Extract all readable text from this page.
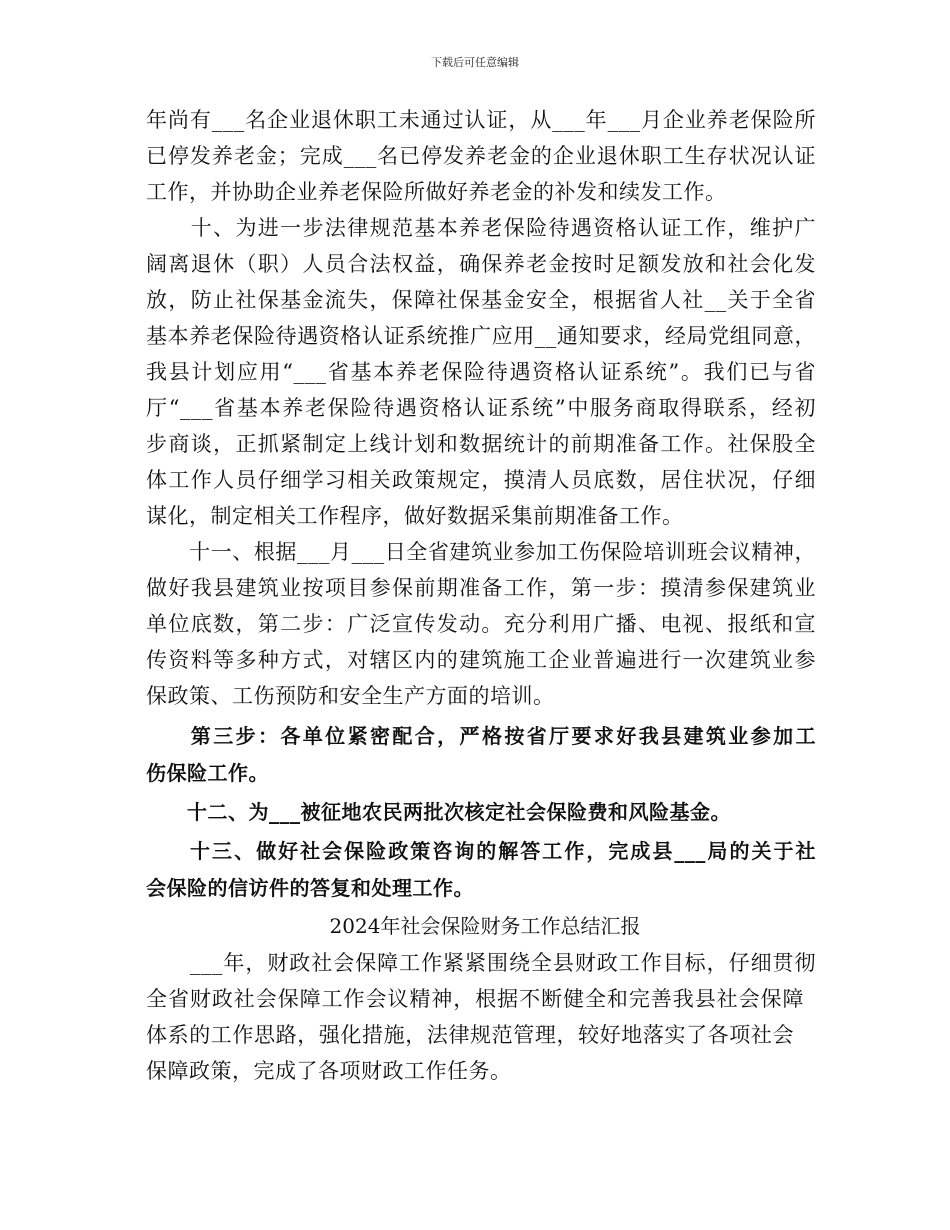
下载后可任意编辑
年尚有___名企业退休职工未通过认证，从___年___月企业养老保险所
已停发养老金；完成___名已停发养老金的企业退休职工生存状况认证
工作，并协助企业养老保险所做好养老金的补发和续发工作。
　　十、为进一步法律规范基本养老保险待遇资格认证工作，维护广
阔离退休（职）人员合法权益，确保养老金按时足额发放和社会化发
放，防止社保基金流失，保障社保基金安全，根据省人社__关于全省
基本养老保险待遇资格认证系统推广应用__通知要求，经局党组同意，
我县计划应用“___省基本养老保险待遇资格认证系统”。我们已与省
厅“___省基本养老保险待遇资格认证系统”中服务商取得联系，经初
步商谈，正抓紧制定上线计划和数据统计的前期准备工作。社保股全
体工作人员仔细学习相关政策规定，摸清人员底数，居住状况，仔细
谋化，制定相关工作程序，做好数据采集前期准备工作。
　　十一、根据___月___日全省建筑业参加工伤保险培训班会议精神，
做好我县建筑业按项目参保前期准备工作，第一步：摸清参保建筑业
单位底数，第二步：广泛宣传发动。充分利用广播、电视、报纸和宣
传资料等多种方式，对辖区内的建筑施工企业普遍进行一次建筑业参
保政策、工伤预防和安全生产方面的培训。
　　第三步：各单位紧密配合，严格按省厅要求好我县建筑业参加工
伤保险工作。
　　十二、为___被征地农民两批次核定社会保险费和风险基金。
　　十三、做好社会保险政策咨询的解答工作，完成县___局的关于社
会保险的信访件的答复和处理工作。
2024年社会保险财务工作总结汇报
　　___年，财政社会保障工作紧紧围绕全县财政工作目标，仔细贯彻
全省财政社会保障工作会议精神，根据不断健全和完善我县社会保障
体系的工作思路，强化措施，法律规范管理，较好地落实了各项社会
保障政策，完成了各项财政工作任务。
